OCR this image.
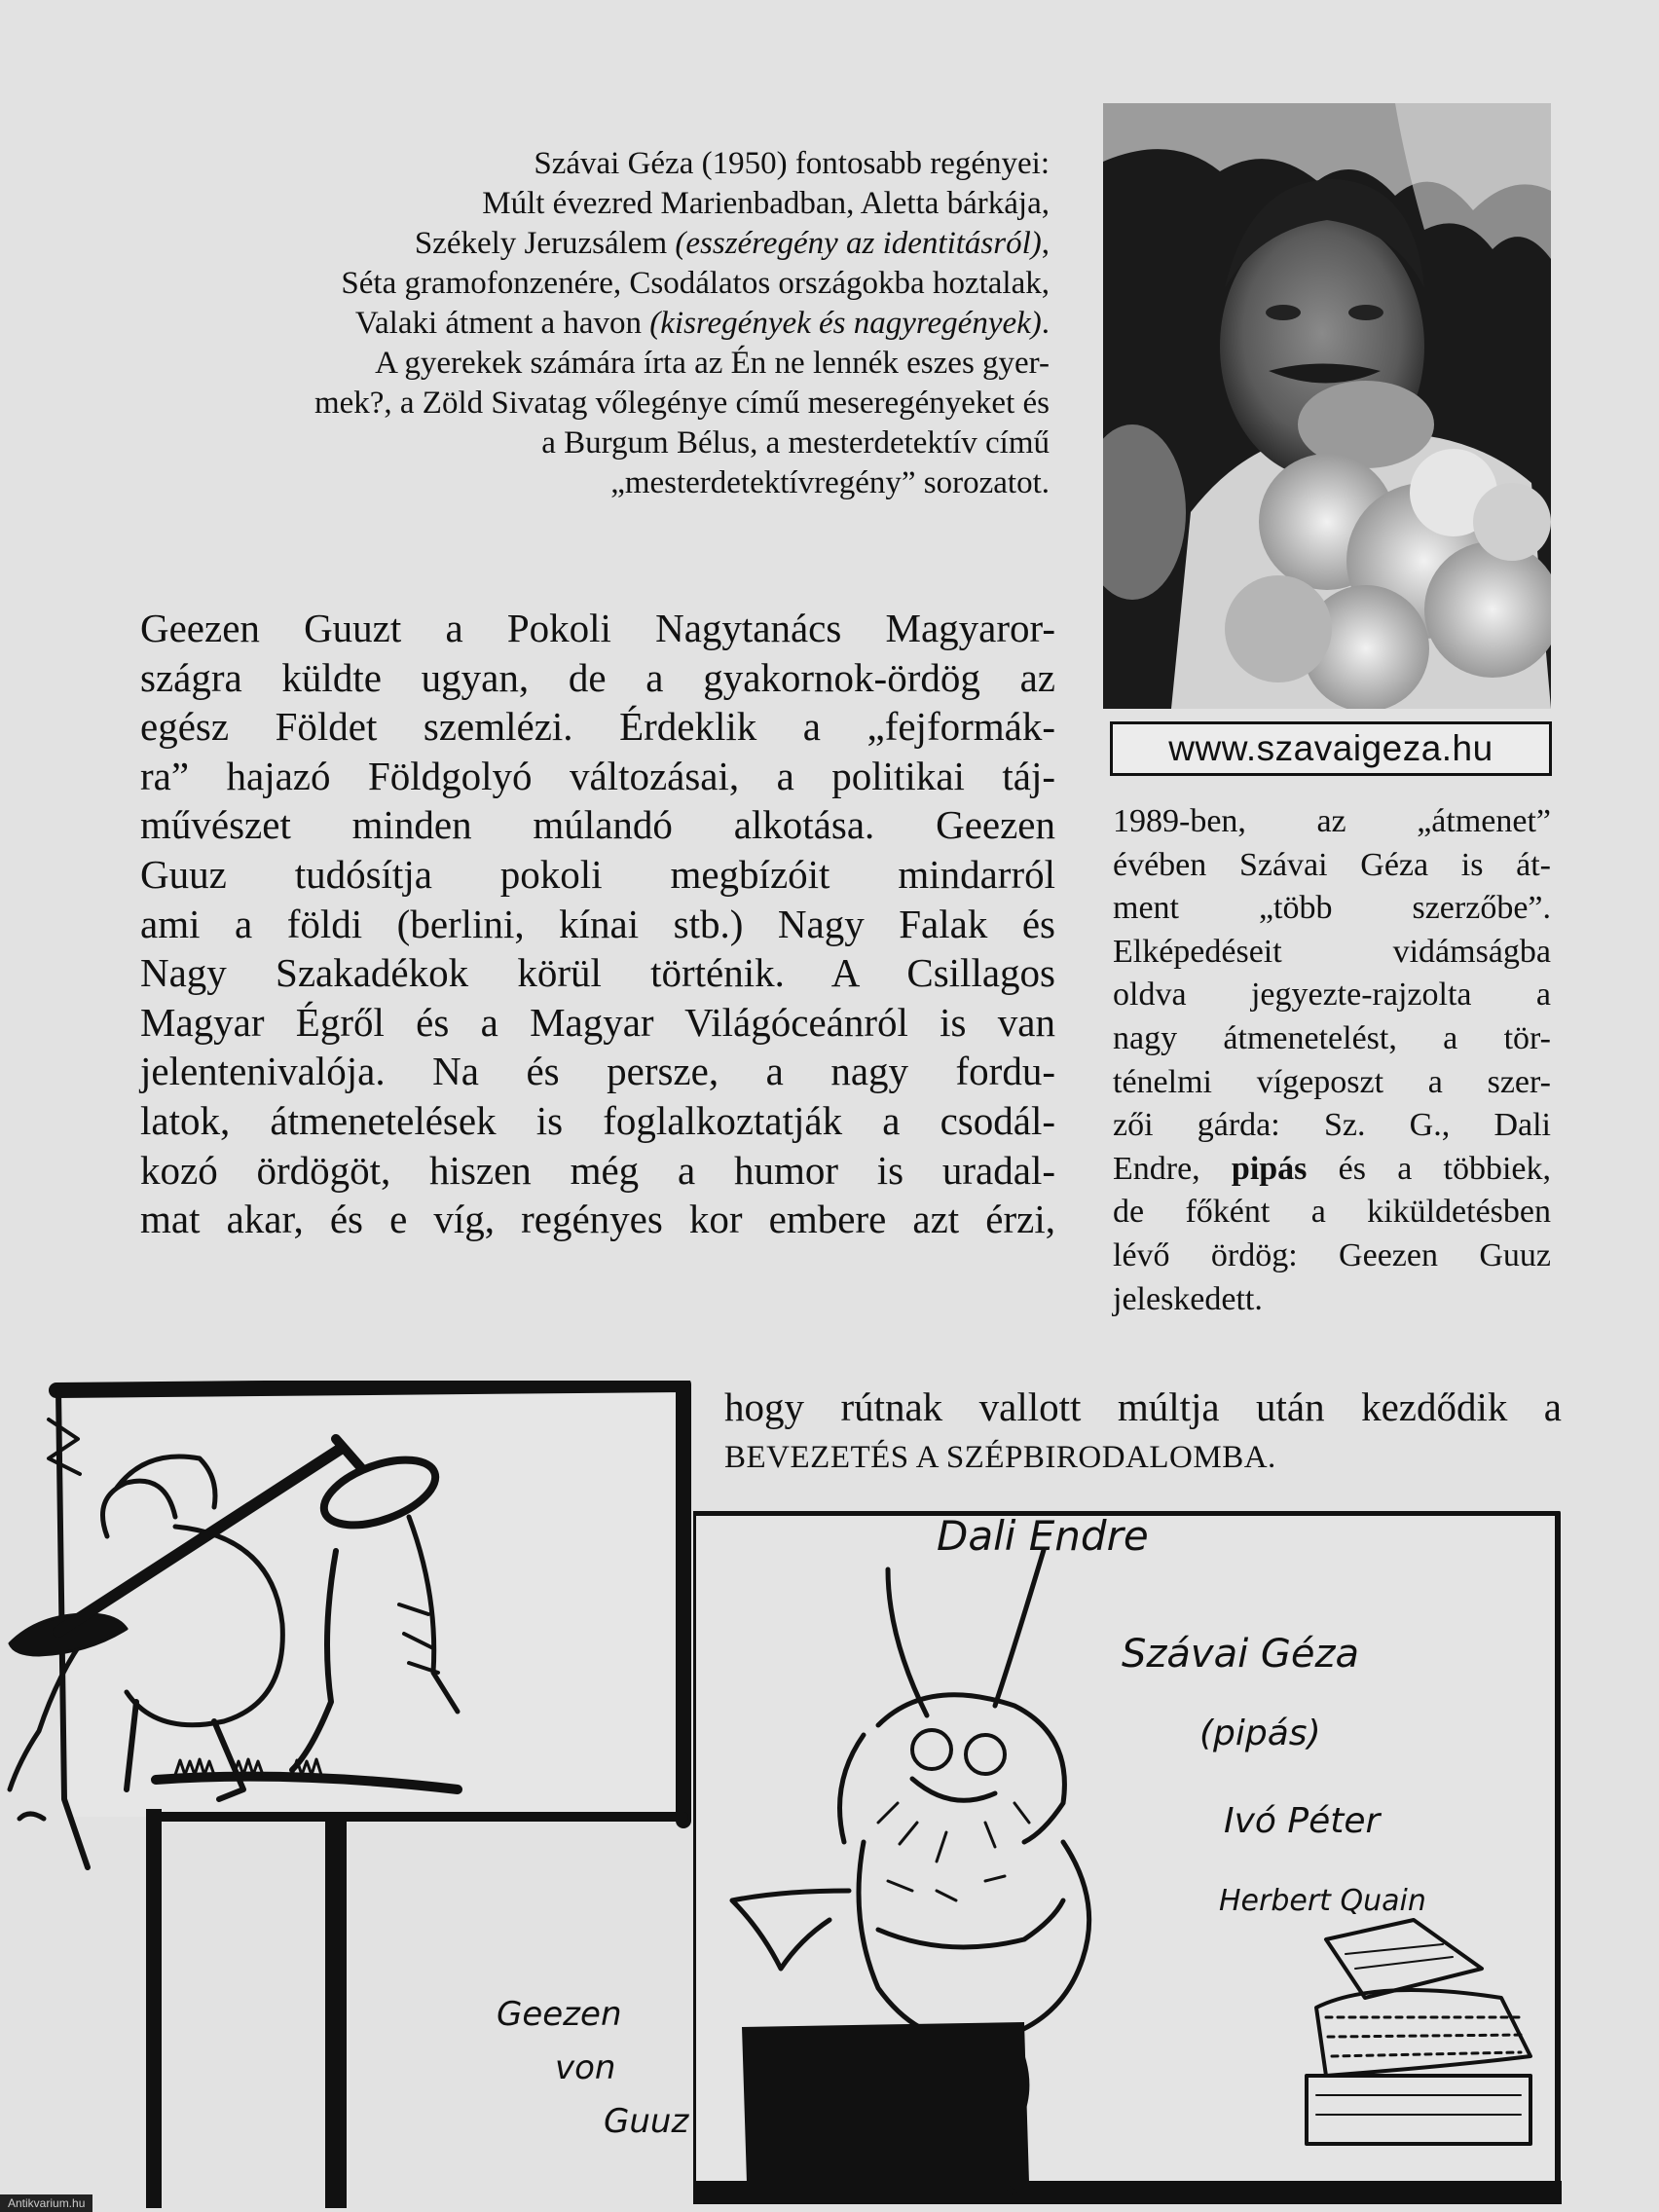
Szávai Géza (1950) fontosabb regényei:
Múlt évezred Marienbadban, Aletta bárkája,
Székely Jeruzsálem (esszéregény az identitásról),
Séta gramofonzenére, Csodálatos országokba hoztalak,
Valaki átment a havon (kisregények és nagyregények).
A gyerekek számára írta az Én ne lennék eszes gyer-
mek?, a Zöld Sivatag vőlegénye című meseregényeket és
a Burgum Bélus, a mesterdetektív című
„mesterdetektívregény” sorozatot.
www.szavaigeza.hu
Geezen Guuzt a Pokoli Nagytanács Magyaror-
szágra küldte ugyan, de a gyakornok-ördög az
egész Földet szemlézi. Érdeklik a „fejformák-
ra” hajazó Földgolyó változásai, a politikai táj-
művészet minden múlandó alkotása. Geezen
Guuz tudósítja pokoli megbízóit mindarról
ami a földi (berlini, kínai stb.) Nagy Falak és
Nagy Szakadékok körül történik. A Csillagos
Magyar Égről és a Magyar Világóceánról is van
jelentenivalója. Na és persze, a nagy fordu-
latok, átmenetelések is foglalkoztatják a csodál-
kozó ördögöt, hiszen még a humor is uradal-
mat akar, és e víg, regényes kor embere azt érzi,
hogy rútnak vallott múltja után kezdődik a
BEVEZETÉS A SZÉPBIRODALOMBA.
1989-ben, az „átmenet”
évében Szávai Géza is át-
ment „több szerzőbe”.
Elképedéseit vidámságba
oldva jegyezte-rajzolta a
nagy átmenetelést, a tör-
ténelmi vígeposzt a szer-
zői gárda: Sz. G., Dali
Endre, pipás és a többiek,
de főként a kiküldetésben
lévő ördög: Geezen Guuz
jeleskedett.
Dali Endre
Szávai Géza
(pipás)
Ivó Péter
Herbert Quain
Geezen
von
Guuz
Antikvarium.hu
